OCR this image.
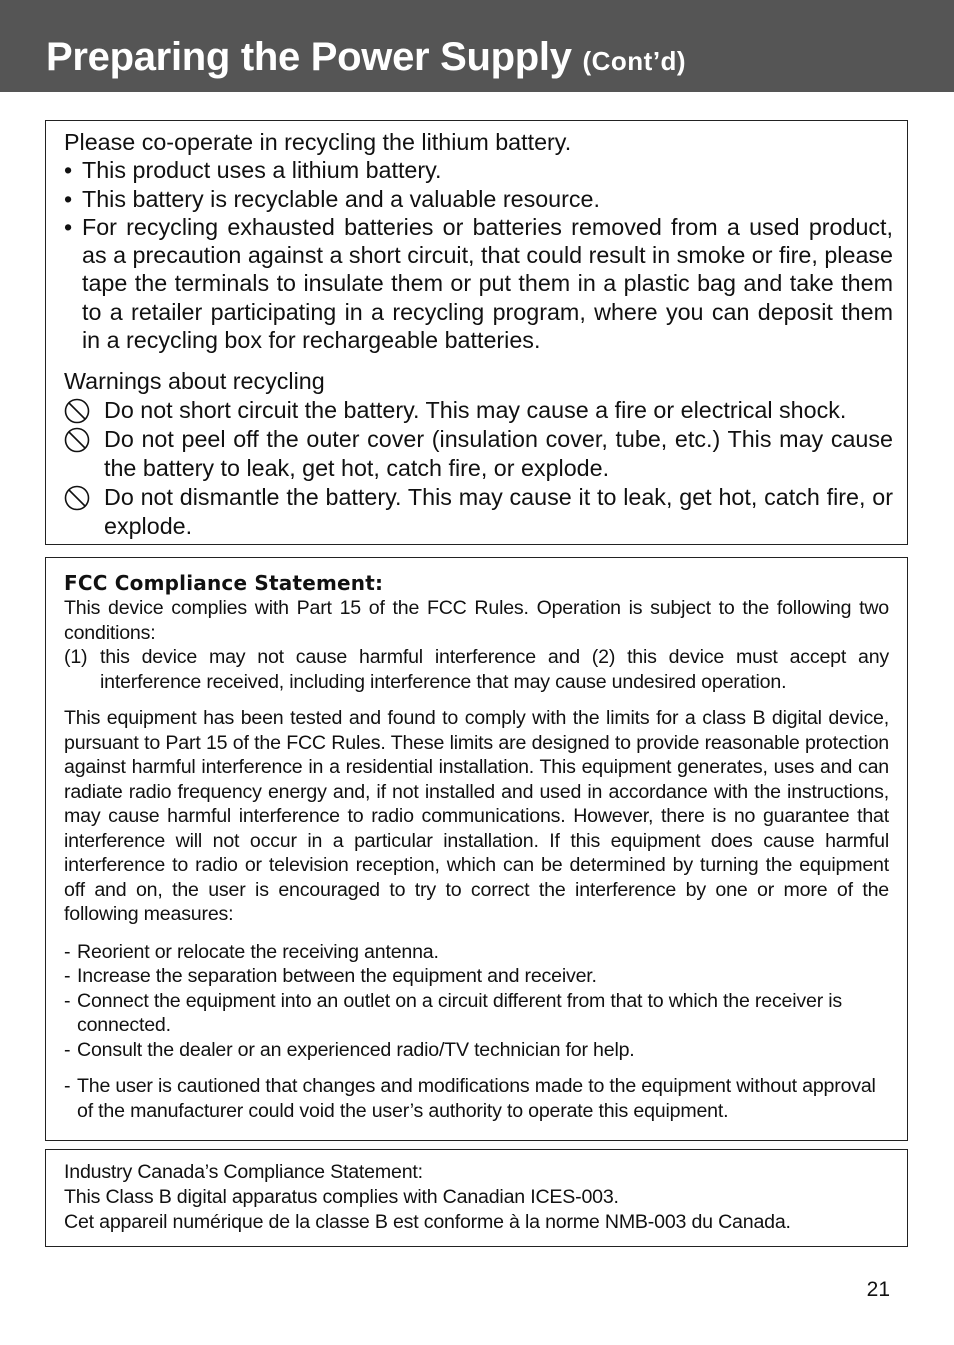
Preparing the Power Supply (Cont’d)

Please co-operate in recycling the lithium battery.

• This product uses a lithium battery.
• This battery is recyclable and a valuable resource.
• For recycling exhausted batteries or batteries removed from a used product, as a precaution against a short circuit, that could result in smoke or fire, please tape the terminals to insulate them or put them in a plastic bag and take them to a retailer participating in a recycling program, where you can deposit them in a recycling box for rechargeable batteries.

Warnings about recycling

Do not short circuit the battery. This may cause a fire or electrical shock.
Do not peel off the outer cover (insulation cover, tube, etc.) This may cause the battery to leak, get hot, catch fire, or explode.
Do not dismantle the battery. This may cause it to leak, get hot, catch fire, or explode.
FCC Compliance Statement:

This device complies with Part 15 of the FCC Rules. Operation is subject to the following two conditions:

(1) this device may not cause harmful interference and (2) this device must accept any interference received, including interference that may cause undesired operation.

This equipment has been tested and found to comply with the limits for a class B digital device, pursuant to Part 15 of the FCC Rules. These limits are designed to provide reasonable protection against harmful interference in a residential installation. This equipment generates, uses and can radiate radio frequency energy and, if not installed and used in accordance with the instructions, may cause harmful interference to radio communications. However, there is no guarantee that interference will not occur in a particular installation. If this equipment does cause harmful interference to radio or television reception, which can be determined by turning the equipment off and on, the user is encouraged to try to correct the interference by one or more of the following measures:

- Reorient or relocate the receiving antenna.
- Increase the separation between the equipment and receiver.
- Connect the equipment into an outlet on a circuit different from that to which the receiver is connected.
- Consult the dealer or an experienced radio/TV technician for help.
- The user is cautioned that changes and modifications made to the equipment without approval of the manufacturer could void the user’s authority to operate this equipment.

Industry Canada’s Compliance Statement:

This Class B digital apparatus complies with Canadian ICES-003.

Cet appareil numérique de la classe B est conforme à la norme NMB-003 du Canada.

21
